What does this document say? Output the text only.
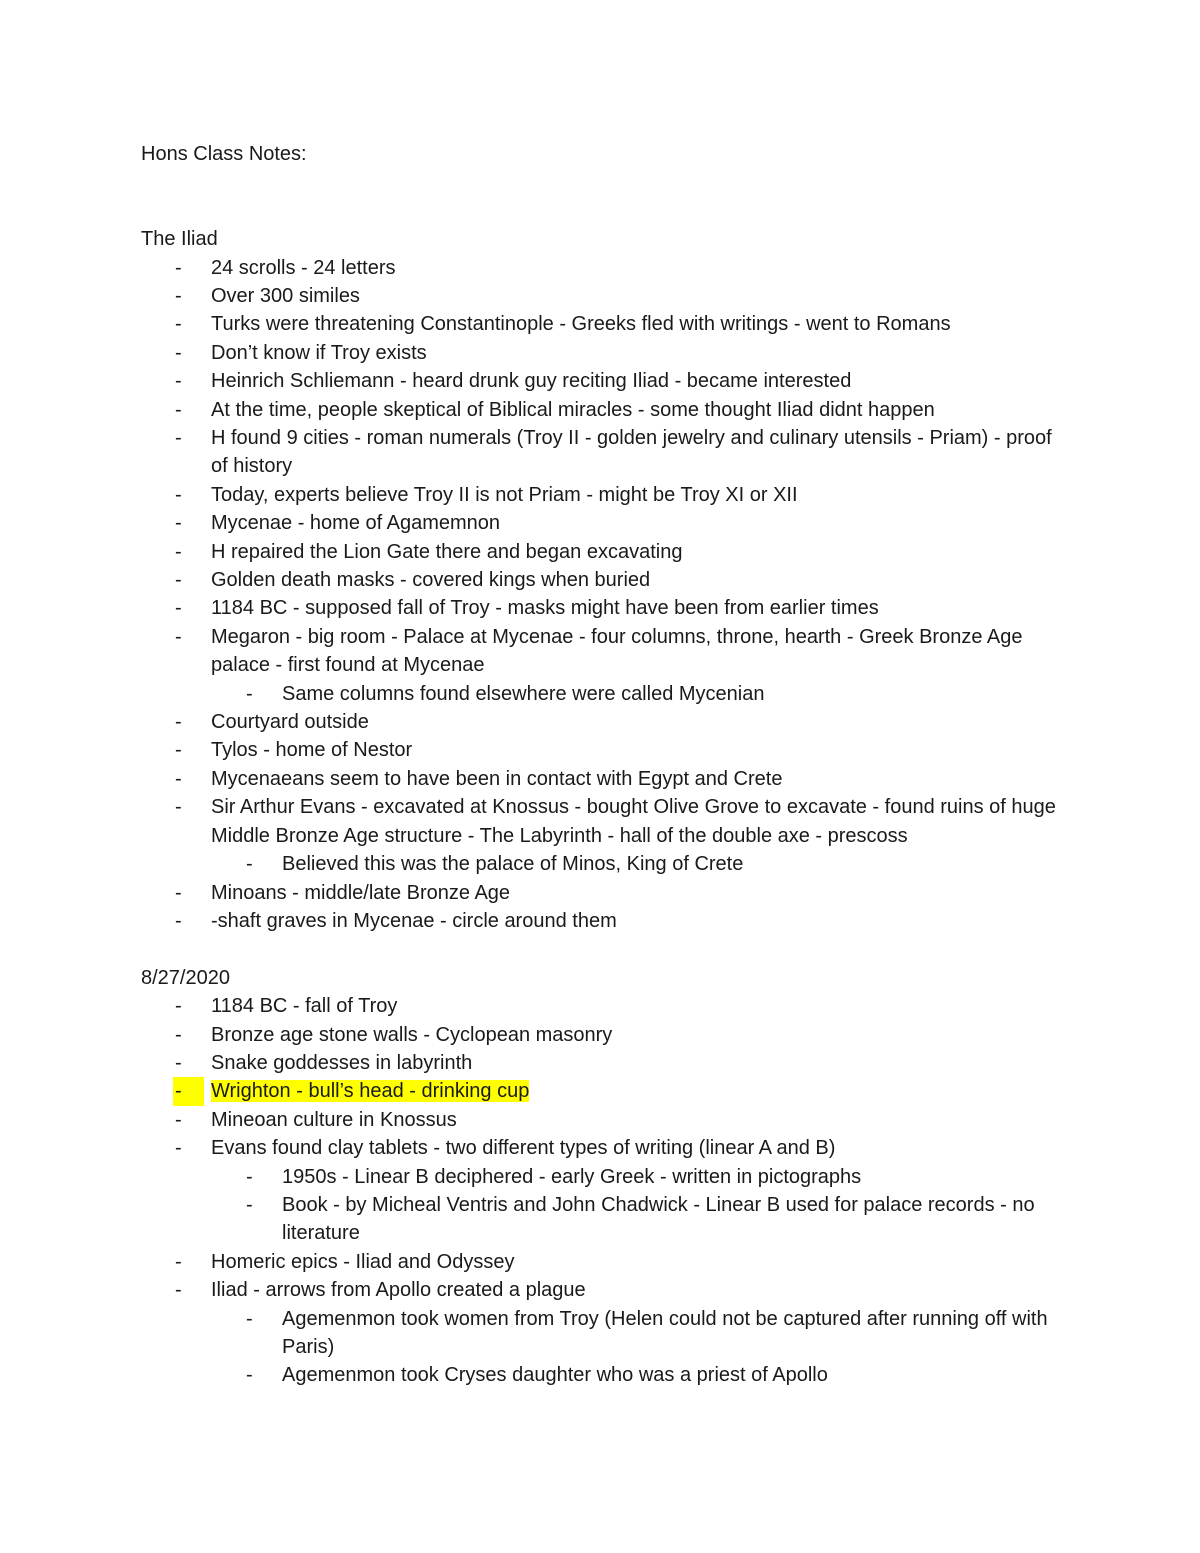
Hons Class Notes:

The Iliad

- 24 scrolls - 24 letters
- Over 300 similes
- Turks were threatening Constantinople - Greeks fled with writings - went to Romans
- Don’t know if Troy exists
- Heinrich Schliemann - heard drunk guy reciting Iliad - became interested
- At the time, people skeptical of Biblical miracles - some thought Iliad didnt happen
- H found 9 cities - roman numerals (Troy II - golden jewelry and culinary utensils - Priam) - proof of history
- Today, experts believe Troy II is not Priam - might be Troy XI or XII
- Mycenae - home of Agamemnon
- H repaired the Lion Gate there and began excavating
- Golden death masks - covered kings when buried
- 1184 BC - supposed fall of Troy - masks might have been from earlier times
- Megaron - big room - Palace at Mycenae - four columns, throne, hearth - Greek Bronze Age palace - first found at Mycenae
- Same columns found elsewhere were called Mycenian
- Courtyard outside
- Tylos - home of Nestor
- Mycenaeans seem to have been in contact with Egypt and Crete
- Sir Arthur Evans - excavated at Knossus - bought Olive Grove to excavate - found ruins of huge Middle Bronze Age structure - The Labyrinth - hall of the double axe - prescoss
- Believed this was the palace of Minos, King of Crete
- Minoans - middle/late Bronze Age
- -shaft graves in Mycenae - circle around them

8/27/2020

- 1184 BC - fall of Troy
- Bronze age stone walls - Cyclopean masonry
- Snake goddesses in labyrinth
-	Wrighton - bull’s head - drinking cup
- Mineoan culture in Knossus
- Evans found clay tablets - two different types of writing (linear A and B)
- 1950s - Linear B deciphered - early Greek - written in pictographs
- Book - by Micheal Ventris and John Chadwick - Linear B used for palace records - no literature
- Homeric epics - Iliad and Odyssey
- Iliad - arrows from Apollo created a plague
- Agemenmon took women from Troy (Helen could not be captured after running off with Paris)
- Agemenmon took Cryses daughter who was a priest of Apollo
